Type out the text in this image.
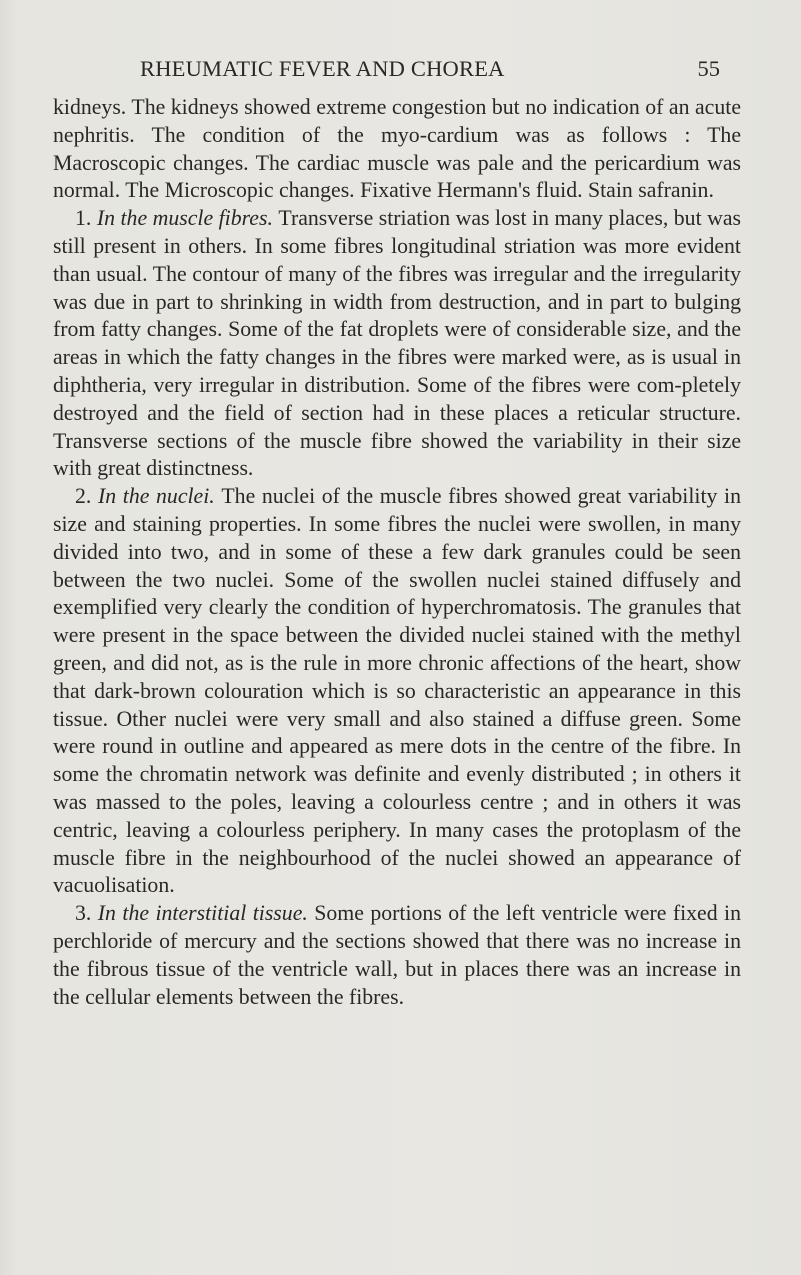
RHEUMATIC FEVER AND CHOREA	55

kidneys. The kidneys showed extreme congestion but no indication of an acute nephritis. The condition of the myo-cardium was as follows : The Macroscopic changes. The cardiac muscle was pale and the pericardium was normal. The Microscopic changes. Fixative Hermann's fluid. Stain safranin.

1. In the muscle fibres. Transverse striation was lost in many places, but was still present in others. In some fibres longitudinal striation was more evident than usual. The contour of many of the fibres was irregular and the irregularity was due in part to shrinking in width from destruction, and in part to bulging from fatty changes. Some of the fat droplets were of considerable size, and the areas in which the fatty changes in the fibres were marked were, as is usual in diphtheria, very irregular in distribution. Some of the fibres were com-pletely destroyed and the field of section had in these places a reticular structure. Transverse sections of the muscle fibre showed the variability in their size with great distinctness.

2. In the nuclei. The nuclei of the muscle fibres showed great variability in size and staining properties. In some fibres the nuclei were swollen, in many divided into two, and in some of these a few dark granules could be seen between the two nuclei. Some of the swollen nuclei stained diffusely and exemplified very clearly the condition of hyperchromatosis. The granules that were present in the space between the divided nuclei stained with the methyl green, and did not, as is the rule in more chronic affections of the heart, show that dark-brown colouration which is so characteristic an appearance in this tissue. Other nuclei were very small and also stained a diffuse green. Some were round in outline and appeared as mere dots in the centre of the fibre. In some the chromatin network was definite and evenly distributed ; in others it was massed to the poles, leaving a colourless centre ; and in others it was centric, leaving a colourless periphery. In many cases the protoplasm of the muscle fibre in the neighbourhood of the nuclei showed an appearance of vacuolisation.

3. In the interstitial tissue. Some portions of the left ventricle were fixed in perchloride of mercury and the sections showed that there was no increase in the fibrous tissue of the ventricle wall, but in places there was an increase in the cellular elements between the fibres.
